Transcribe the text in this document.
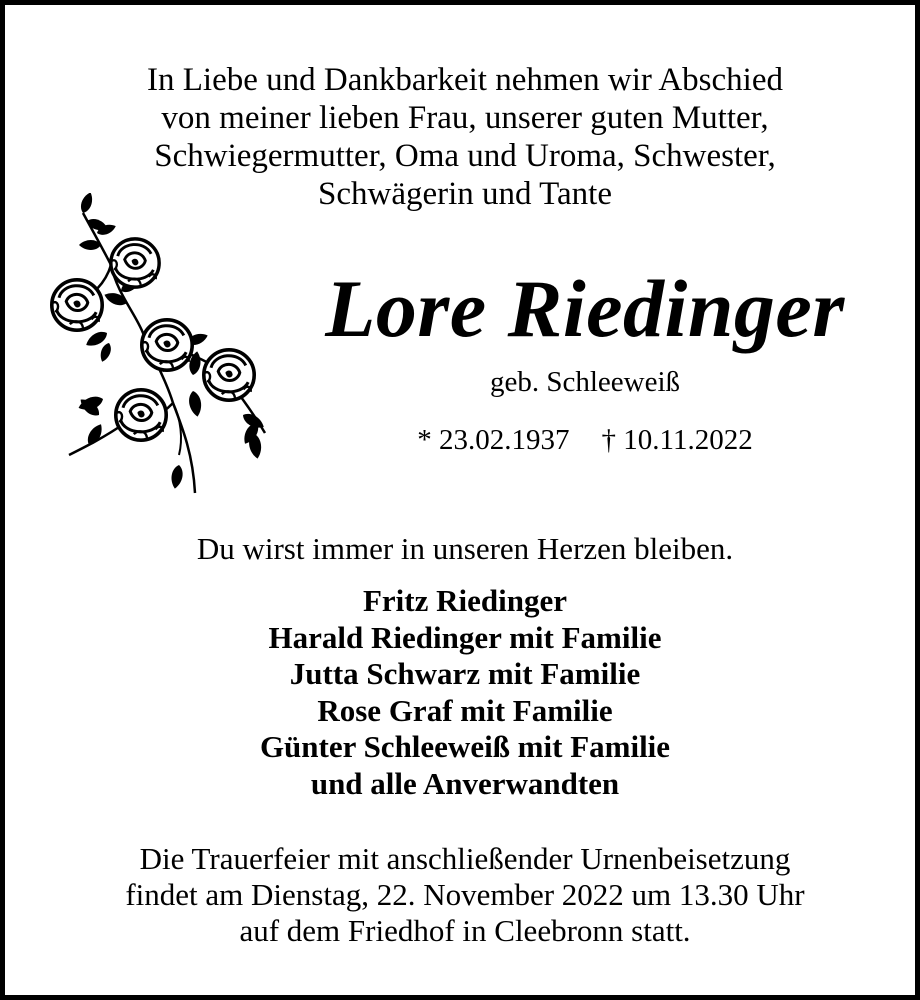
In Liebe und Dankbarkeit nehmen wir Abschied
von meiner lieben Frau, unserer guten Mutter,
Schwiegermutter, Oma und Uroma, Schwester,
Schwägerin und Tante
Lore Riedinger
geb. Schleeweiß
* 23.02.1937 † 10.11.2022
Du wirst immer in unseren Herzen bleiben.
Fritz Riedinger
Harald Riedinger mit Familie
Jutta Schwarz mit Familie
Rose Graf mit Familie
Günter Schleeweiß mit Familie
und alle Anverwandten
Die Trauerfeier mit anschließender Urnenbeisetzung
findet am Dienstag, 22. November 2022 um 13.30 Uhr
auf dem Friedhof in Cleebronn statt.
